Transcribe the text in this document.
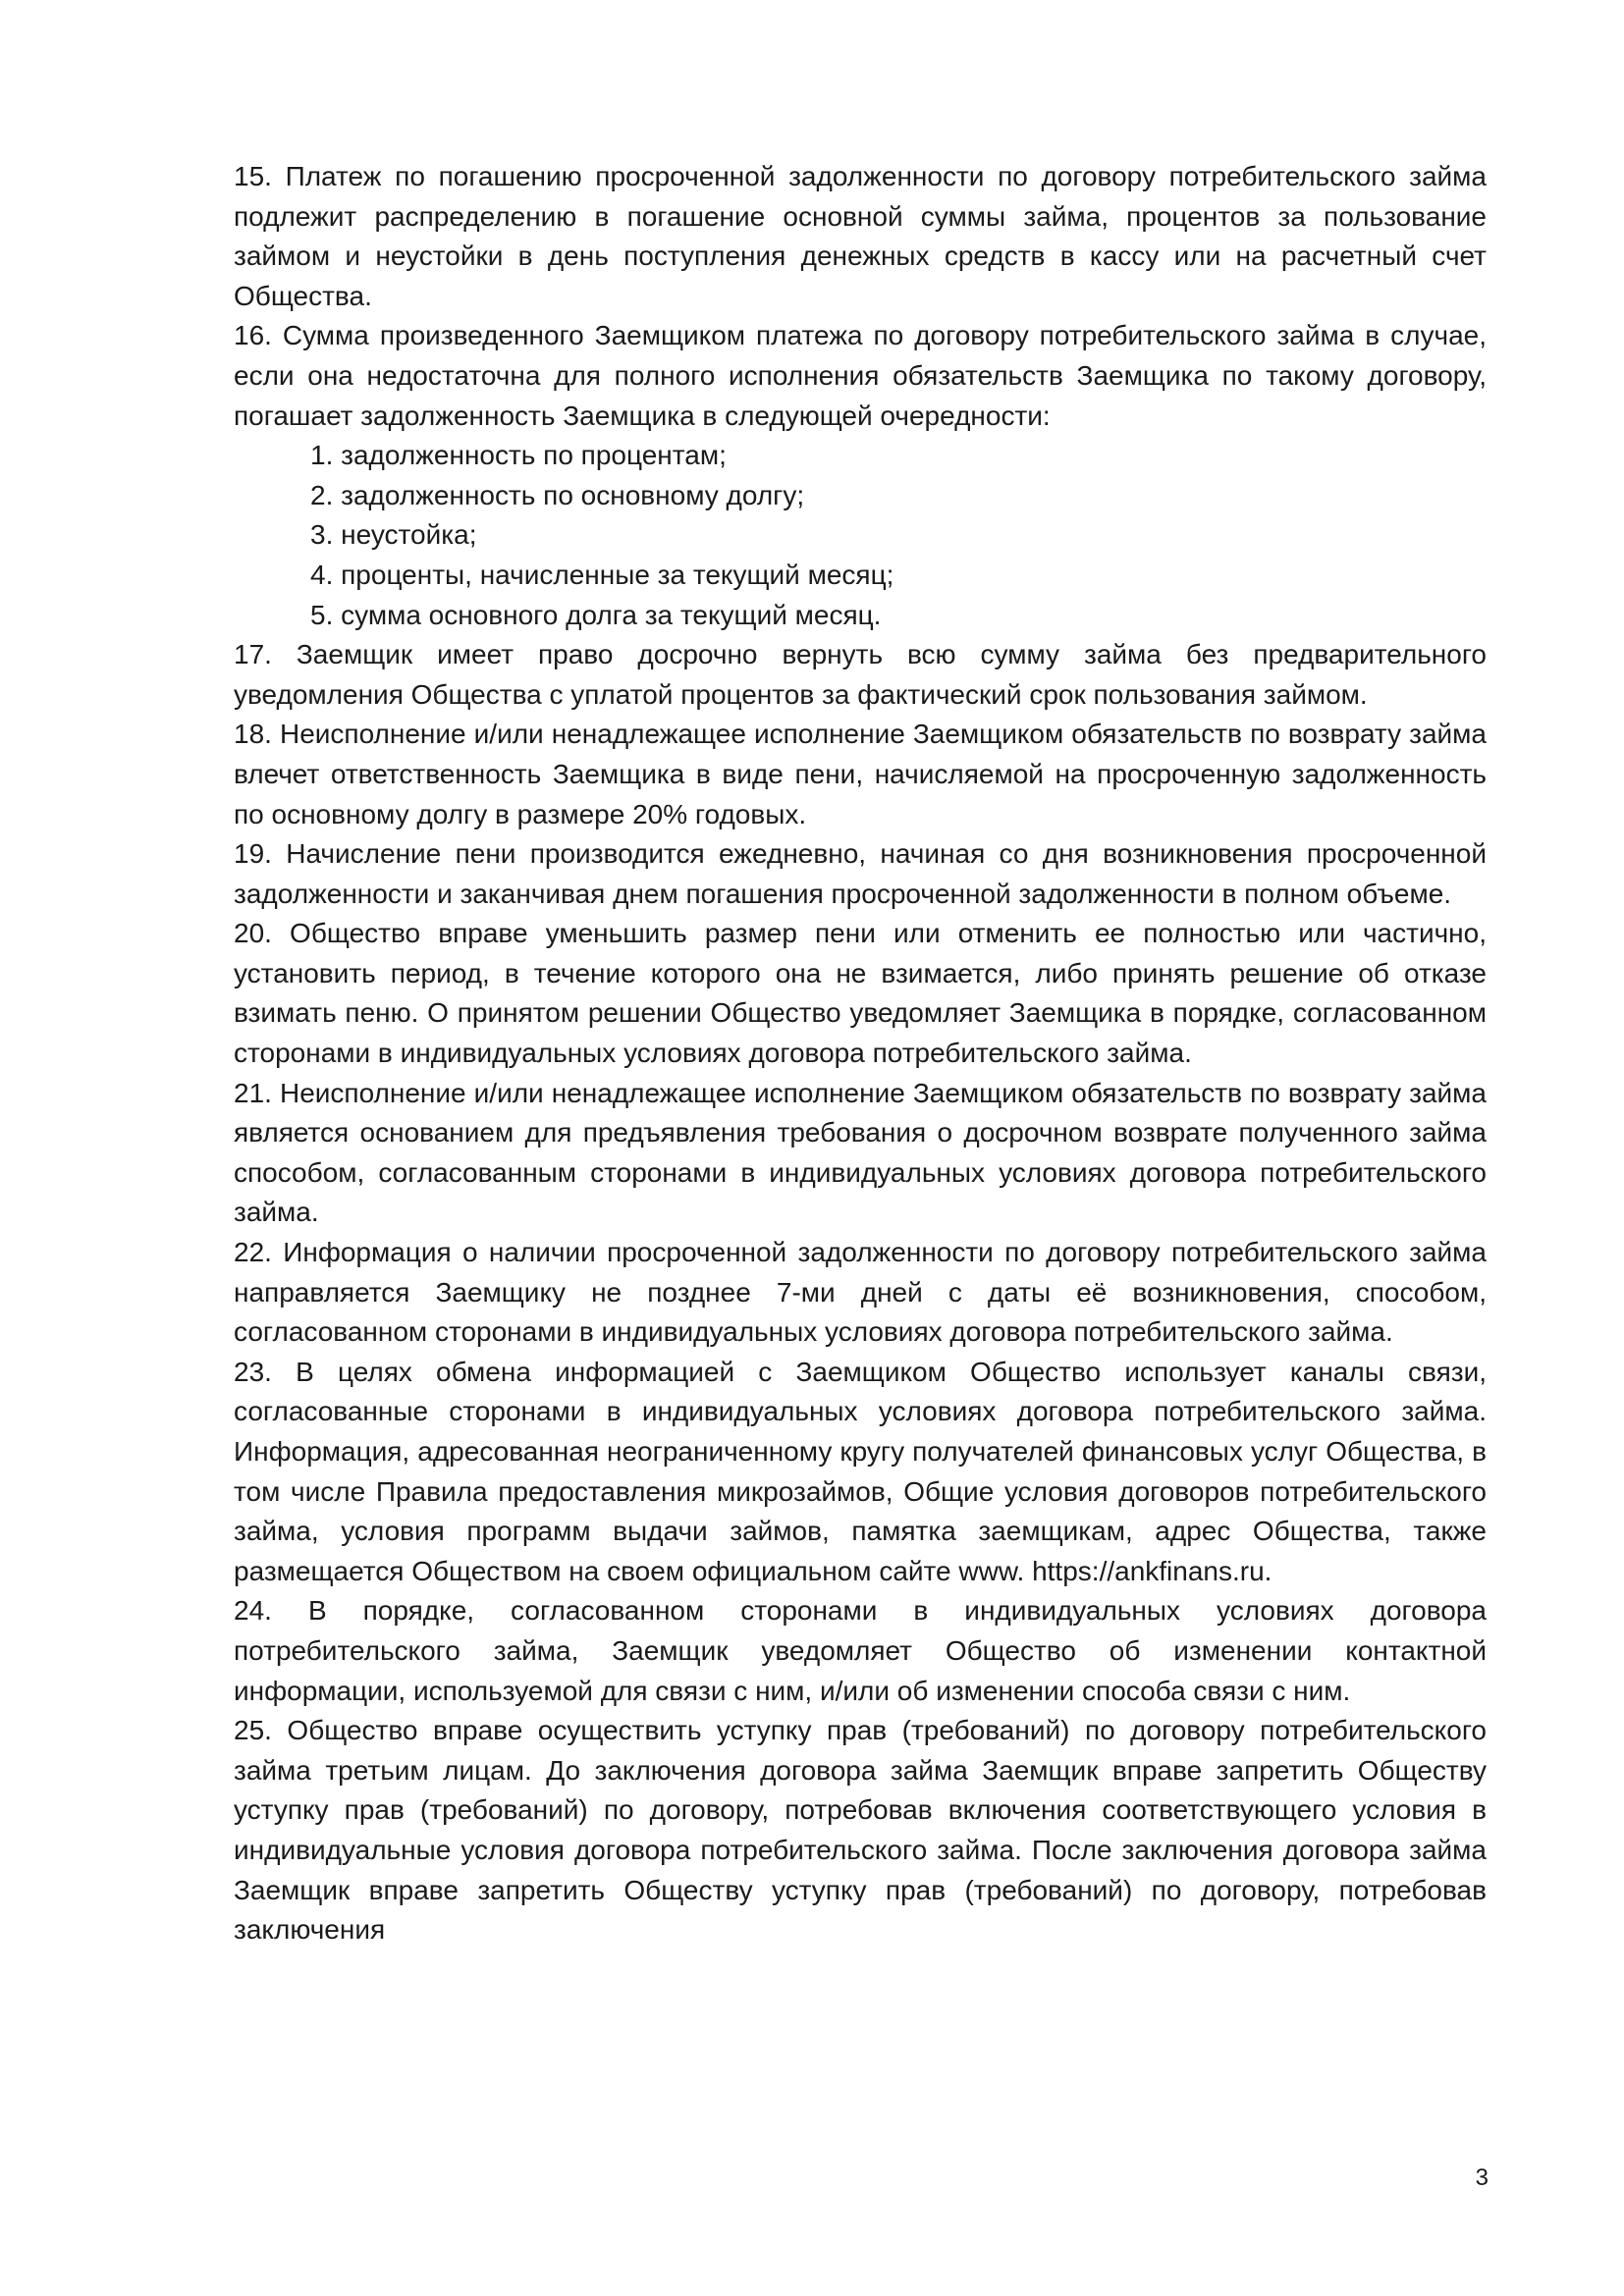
15. Платеж по погашению просроченной задолженности по договору потребительского займа подлежит распределению в погашение основной суммы займа, процентов за пользование займом и неустойки в день поступления денежных средств в кассу или на расчетный счет Общества.

16. Сумма произведенного Заемщиком платежа по договору потребительского займа в случае, если она недостаточна для полного исполнения обязательств Заемщика по такому договору, погашает задолженность Заемщика в следующей очередности:

1. задолженность по процентам;
2. задолженность по основному долгу;
3. неустойка;
4. проценты, начисленные за текущий месяц;
5. сумма основного долга за текущий месяц.

17. Заемщик имеет право досрочно вернуть всю сумму займа без предварительного уведомления Общества с уплатой процентов за фактический срок пользования займом.

18. Неисполнение и/или ненадлежащее исполнение Заемщиком обязательств по возврату займа влечет ответственность Заемщика в виде пени, начисляемой на просроченную задолженность по основному долгу в размере 20% годовых.

19. Начисление пени производится ежедневно, начиная со дня возникновения просроченной задолженности и заканчивая днем погашения просроченной задолженности в полном объеме.

20. Общество вправе уменьшить размер пени или отменить ее полностью или частично, установить период, в течение которого она не взимается, либо принять решение об отказе взимать пеню. О принятом решении Общество уведомляет Заемщика в порядке, согласованном сторонами в индивидуальных условиях договора потребительского займа.

21. Неисполнение и/или ненадлежащее исполнение Заемщиком обязательств по возврату займа является основанием для предъявления требования о досрочном возврате полученного займа способом, согласованным сторонами в индивидуальных условиях договора потребительского займа.

22. Информация о наличии просроченной задолженности по договору потребительского займа направляется Заемщику не позднее 7-ми дней с даты её возникновения, способом, согласованном сторонами в индивидуальных условиях договора потребительского займа.

23. В целях обмена информацией с Заемщиком Общество использует каналы связи, согласованные сторонами в индивидуальных условиях договора потребительского займа. Информация, адресованная неограниченному кругу получателей финансовых услуг Общества, в том числе Правила предоставления микрозаймов, Общие условия договоров потребительского займа, условия программ выдачи займов, памятка заемщикам, адрес Общества, также размещается Обществом на своем официальном сайте www. https://ankfinans.ru.

24. В порядке, согласованном сторонами в индивидуальных условиях договора потребительского займа, Заемщик уведомляет Общество об изменении контактной информации, используемой для связи с ним, и/или об изменении способа связи с ним.

25. Общество вправе осуществить уступку прав (требований) по договору потребительского займа третьим лицам. До заключения договора займа Заемщик вправе запретить Обществу уступку прав (требований) по договору, потребовав включения соответствующего условия в индивидуальные условия договора потребительского займа. После заключения договора займа Заемщик вправе запретить Обществу уступку прав (требований) по договору, потребовав заключения

3
